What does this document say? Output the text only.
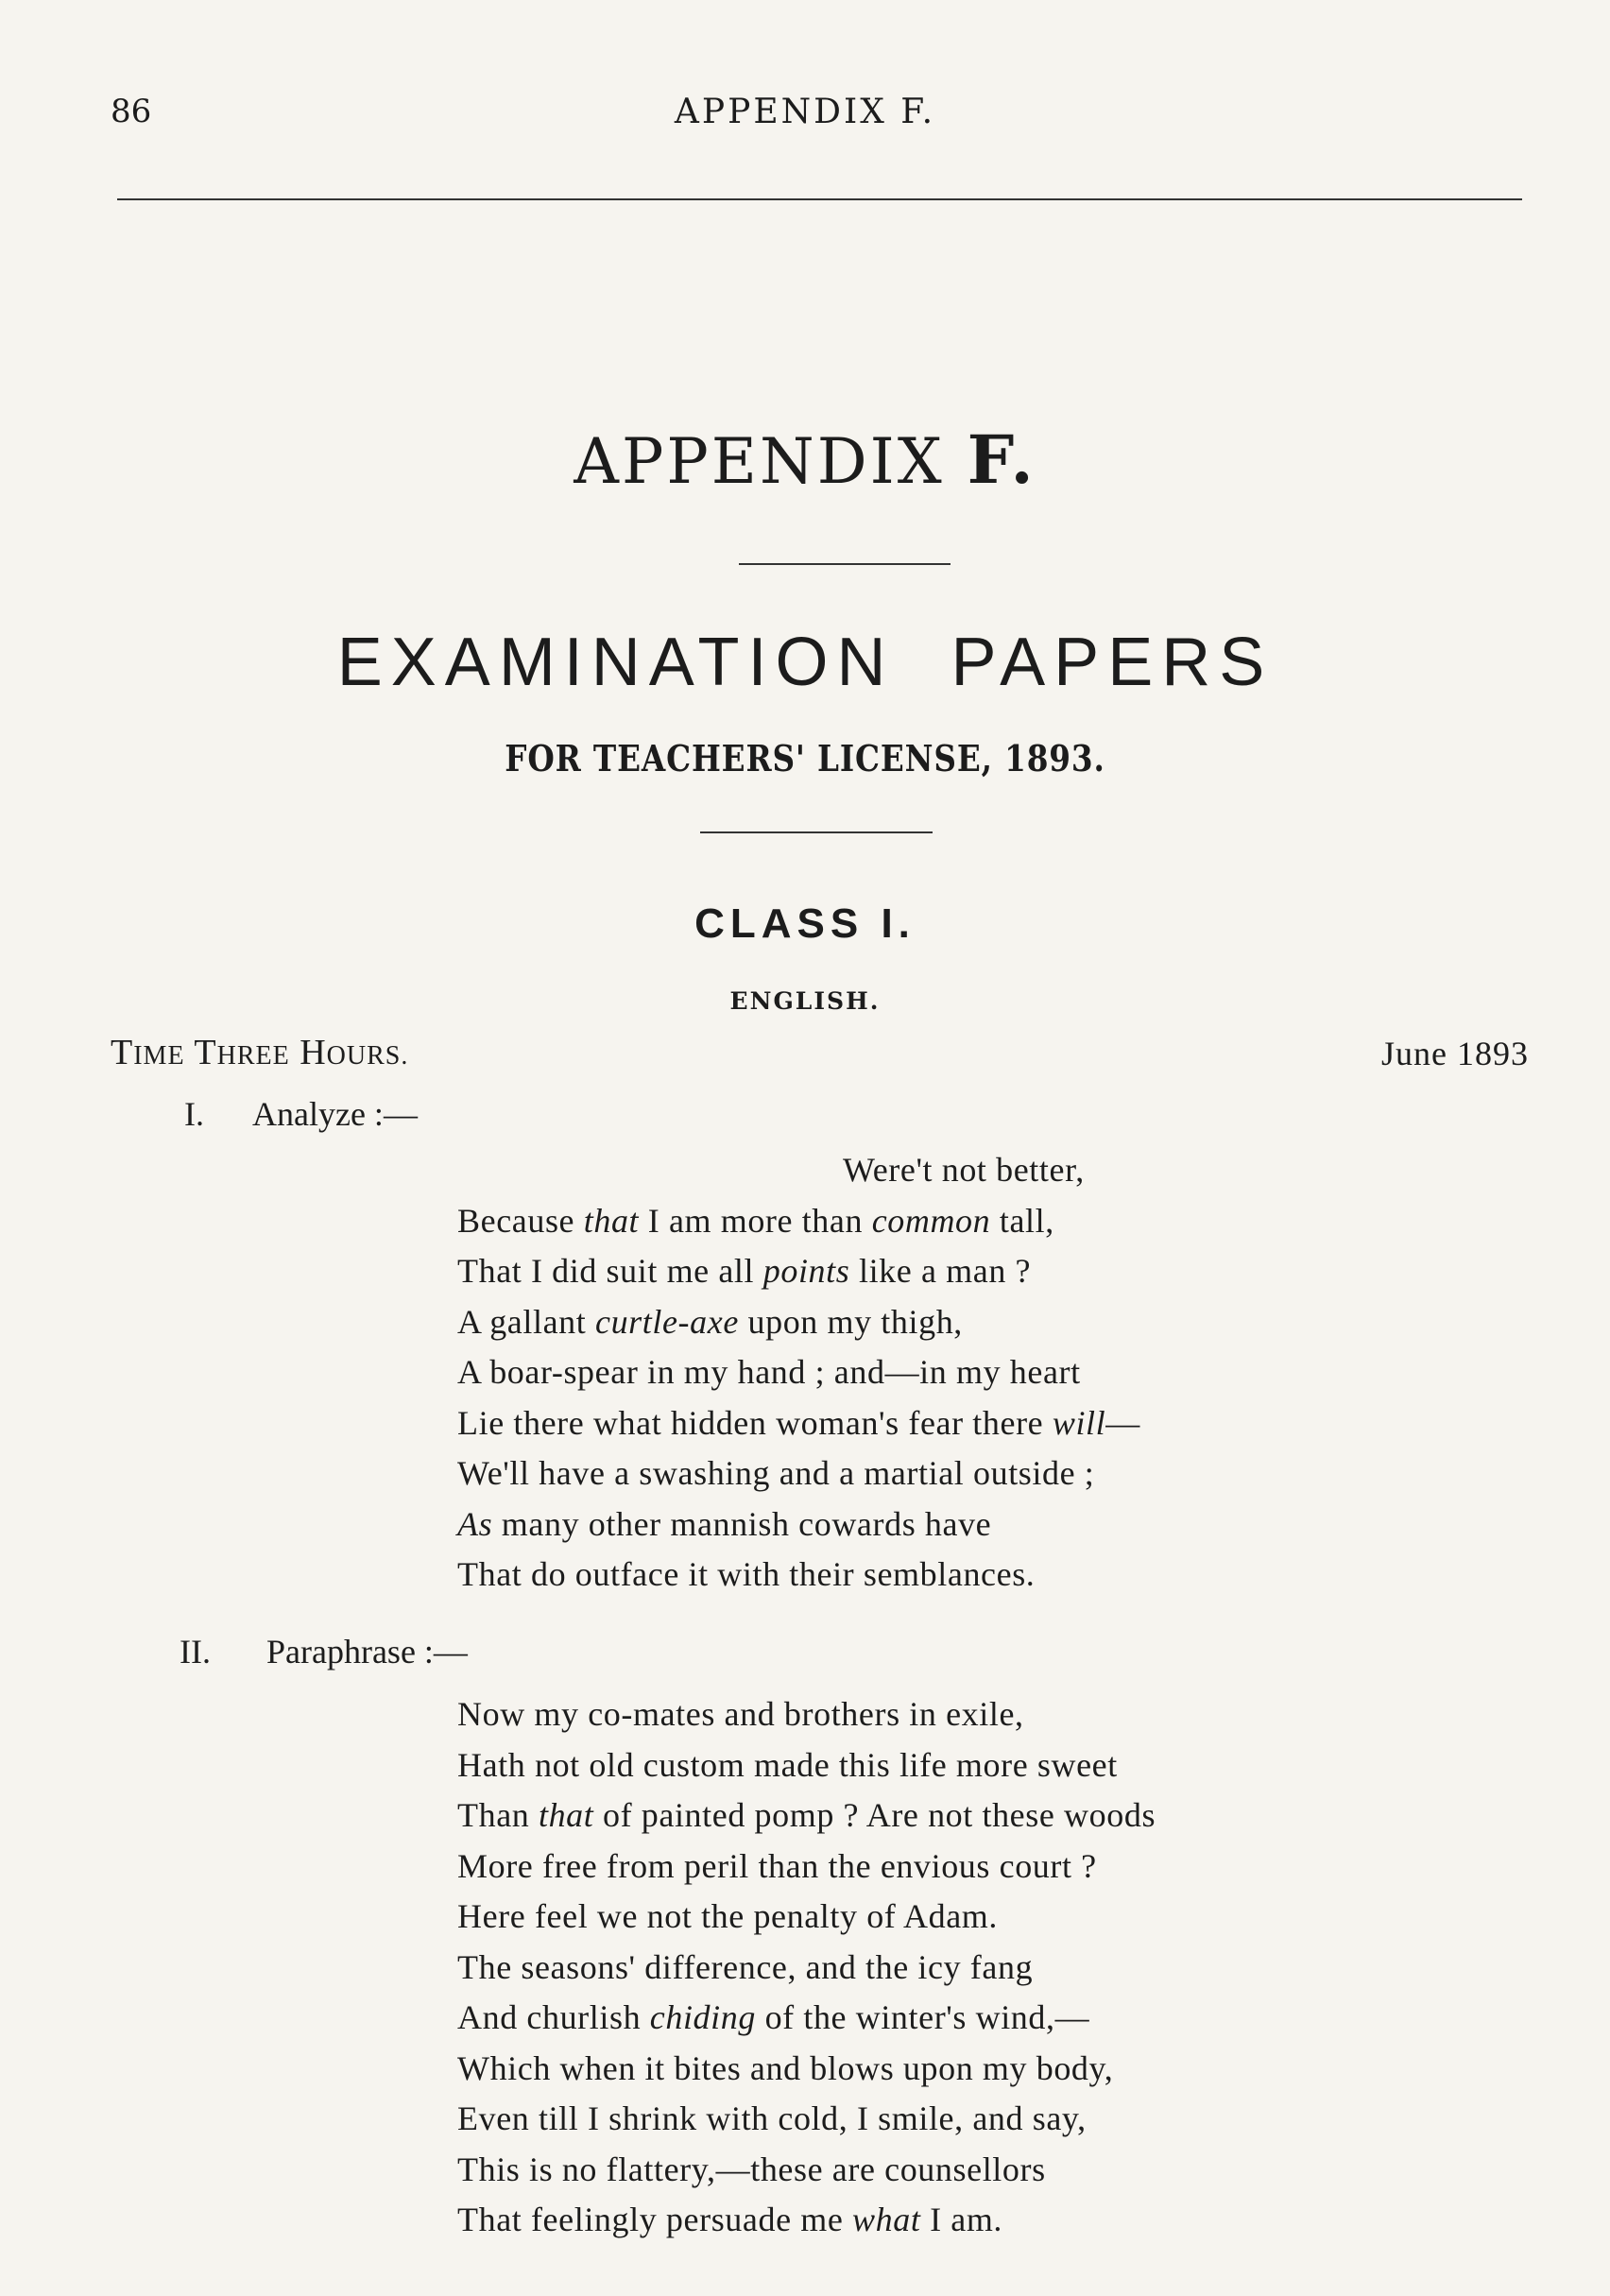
86	APPENDIX F.
APPENDIX F.
EXAMINATION PAPERS
FOR TEACHERS' LICENSE, 1893.
CLASS I.
ENGLISH.
TIME THREE HOURS.	June 1893
I. Analyze :—
Were't not better,
Because that I am more than common tall,
That I did suit me all points like a man ?
A gallant curtle-axe upon my thigh,
A boar-spear in my hand ; and—in my heart
Lie there what hidden woman's fear there will—
We'll have a swashing and a martial outside ;
As many other mannish cowards have
That do outface it with their semblances.
II. Paraphrase :—
Now my co-mates and brothers in exile,
Hath not old custom made this life more sweet
Than that of painted pomp ? Are not these woods
More free from peril than the envious court ?
Here feel we not the penalty of Adam.
The seasons' difference, and the icy fang
And churlish chiding of the winter's wind,—
Which when it bites and blows upon my body,
Even till I shrink with cold, I smile, and say,
This is no flattery,—these are counsellors
That feelingly persuade me what I am.
